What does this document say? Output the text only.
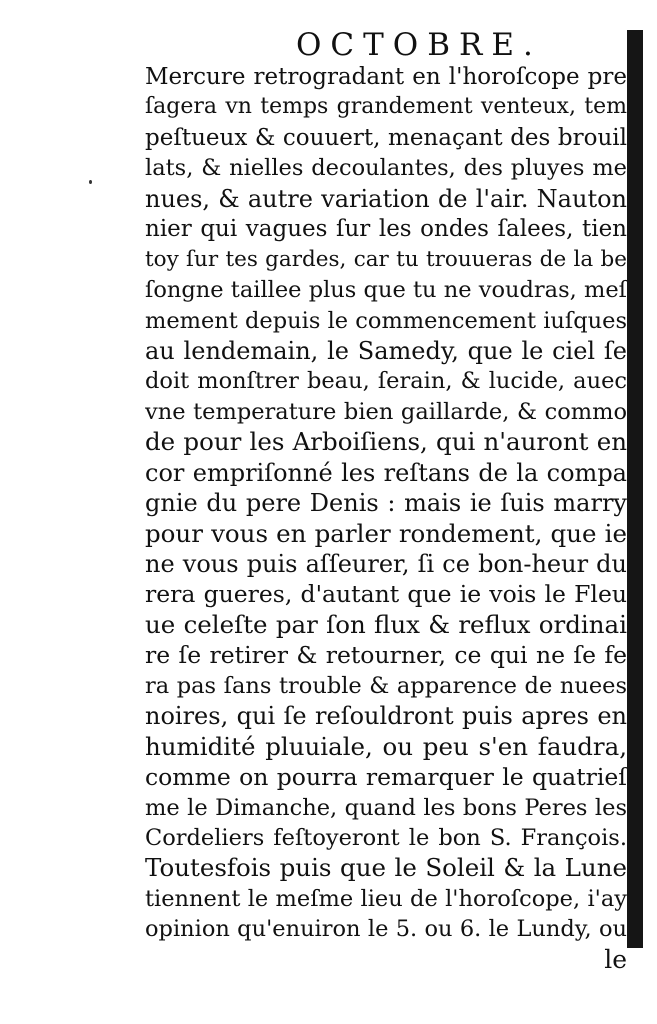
OCTOBRE.
Mercure retrogradant en l'horoſcope pre
ſagera vn temps grandement venteux, tem
peſtueux & couuert, menaçant des brouil
lats, & nielles decoulantes, des pluyes me
nues, & autre variation de l'air. Nauton
nier qui vagues ſur les ondes ſalees, tien
toy ſur tes gardes, car tu trouueras de la be
ſongne taillee plus que tu ne voudras, meſ
mement depuis le commencement iuſques
au lendemain, le Samedy, que le ciel ſe
doit monſtrer beau, ſerain, & lucide, auec
vne temperature bien gaillarde, & commo
de pour les Arboiſiens, qui n'auront en
cor empriſonné les reſtans de la compa
gnie du pere Denis : mais ie ſuis marry
pour vous en parler rondement, que ie
ne vous puis aſſeurer, ſi ce bon-heur du
rera gueres, d'autant que ie vois le Fleu
ue celeſte par ſon flux & reflux ordinai
re ſe retirer & retourner, ce qui ne ſe fe
ra pas ſans trouble & apparence de nuees
noires, qui ſe reſouldront puis apres en
humidité pluuiale, ou peu s'en faudra,
comme on pourra remarquer le quatrieſ
me le Dimanche, quand les bons Peres les
Cordeliers feſtoyeront le bon S. François.
Toutesfois puis que le Soleil & la Lune
tiennent le meſme lieu de l'horoſcope, i'ay
opinion qu'enuiron le 5. ou 6. le Lundy, ou
le
